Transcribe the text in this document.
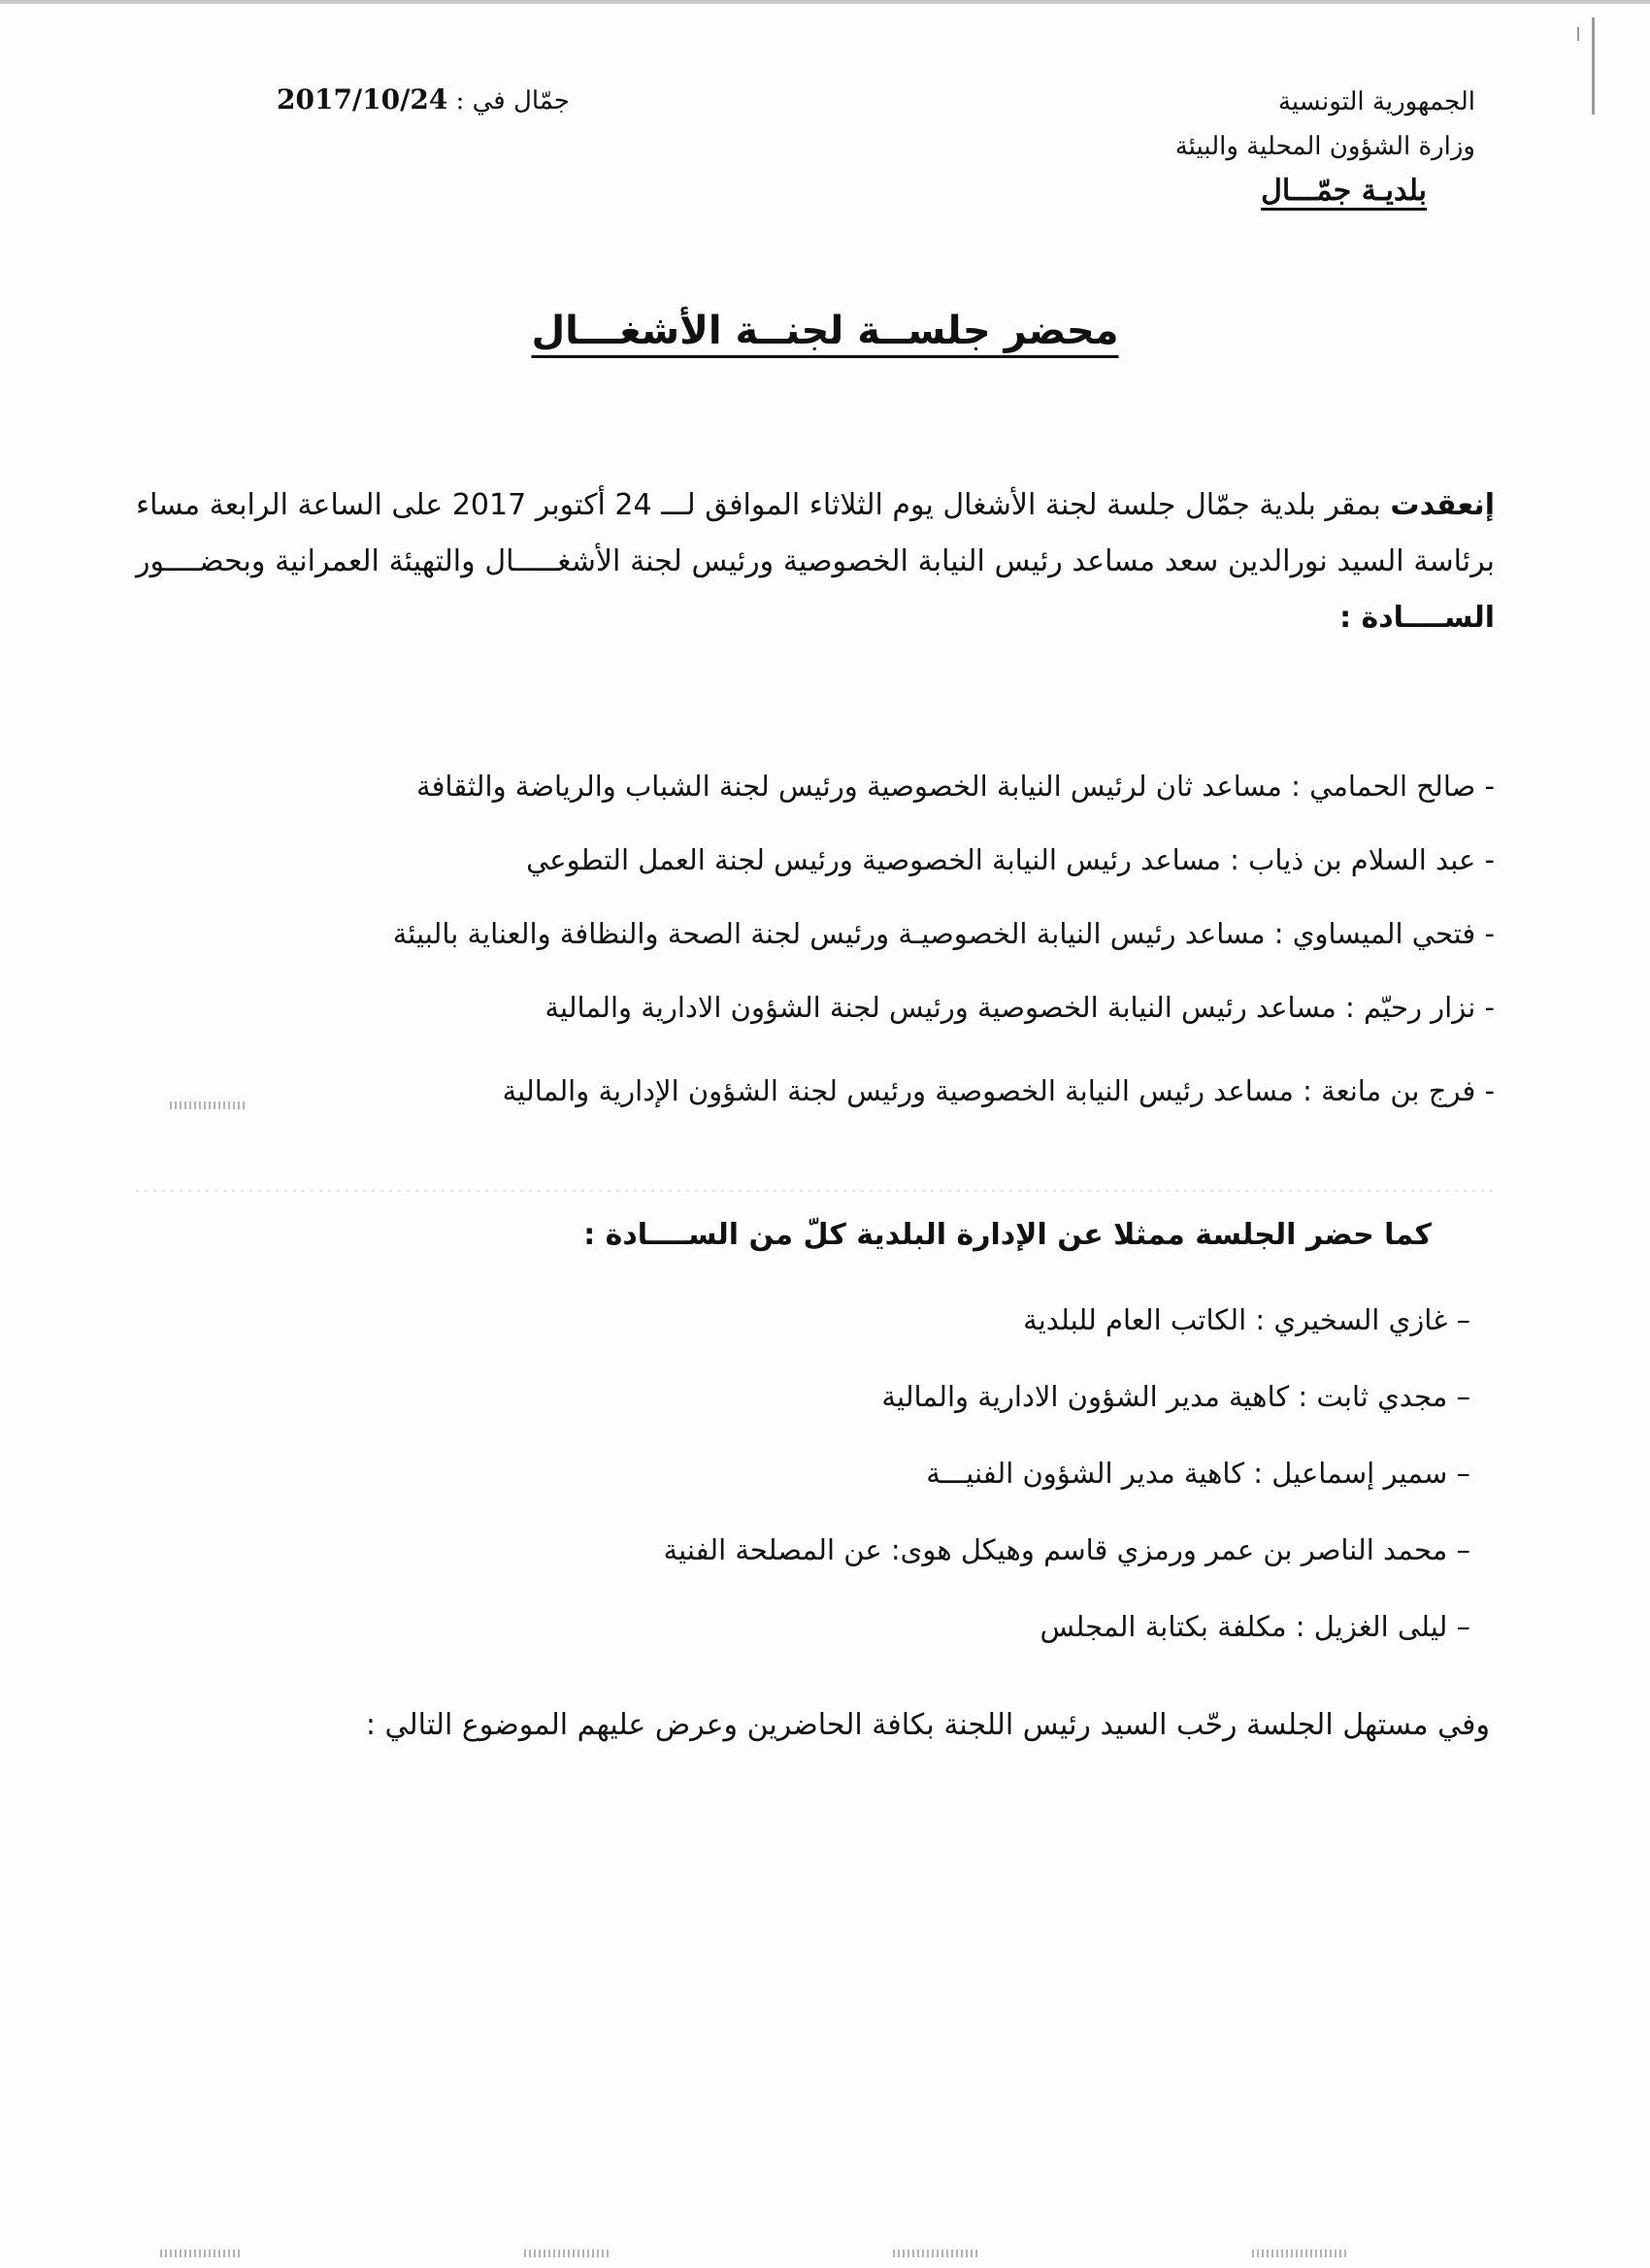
الجمهورية التونسية
وزارة الشؤون المحلية والبيئة
بلديـة جمّـــال
جمّال في : 2017/10/24
محضر جلســة لجنــة الأشغـــال
إنعقدت بمقر بلدية جمّال جلسة لجنة الأشغال يوم الثلاثاء الموافق لـــ 24 أكتوبر 2017 على الساعة الرابعة مساء برئاسة السيد نورالدين سعد مساعد رئيس النيابة الخصوصية ورئيس لجنة الأشغـــــال والتهيئة العمرانية وبحضــــور الســــادة :
- صالح الحمامي : مساعد ثان لرئيس النيابة الخصوصية ورئيس لجنة الشباب والرياضة والثقافة
- عبد السلام بن ذياب : مساعد رئيس النيابة الخصوصية ورئيس لجنة العمل التطوعي
- فتحي الميساوي : مساعد رئيس النيابة الخصوصيـة ورئيس لجنة الصحة والنظافة والعناية بالبيئة
- نزار رحيّم : مساعد رئيس النيابة الخصوصية ورئيس لجنة الشؤون الادارية والمالية
- فرج بن مانعة : مساعد رئيس النيابة الخصوصية ورئيس لجنة الشؤون الإدارية والمالية
كما حضر الجلسة ممثلا عن الإدارة البلدية كلّ من الســــادة :
– غازي السخيري : الكاتب العام للبلدية
– مجدي ثابت : كاهية مدير الشؤون الادارية والمالية
– سمير إسماعيل : كاهية مدير الشؤون الفنيـــة
– محمد الناصر بن عمر ورمزي قاسم وهيكل هوى: عن المصلحة الفنية
– ليلى الغزيل : مكلفة بكتابة المجلس
وفي مستهل الجلسة رحّب السيد رئيس اللجنة بكافة الحاضرين وعرض عليهم الموضوع التالي :
